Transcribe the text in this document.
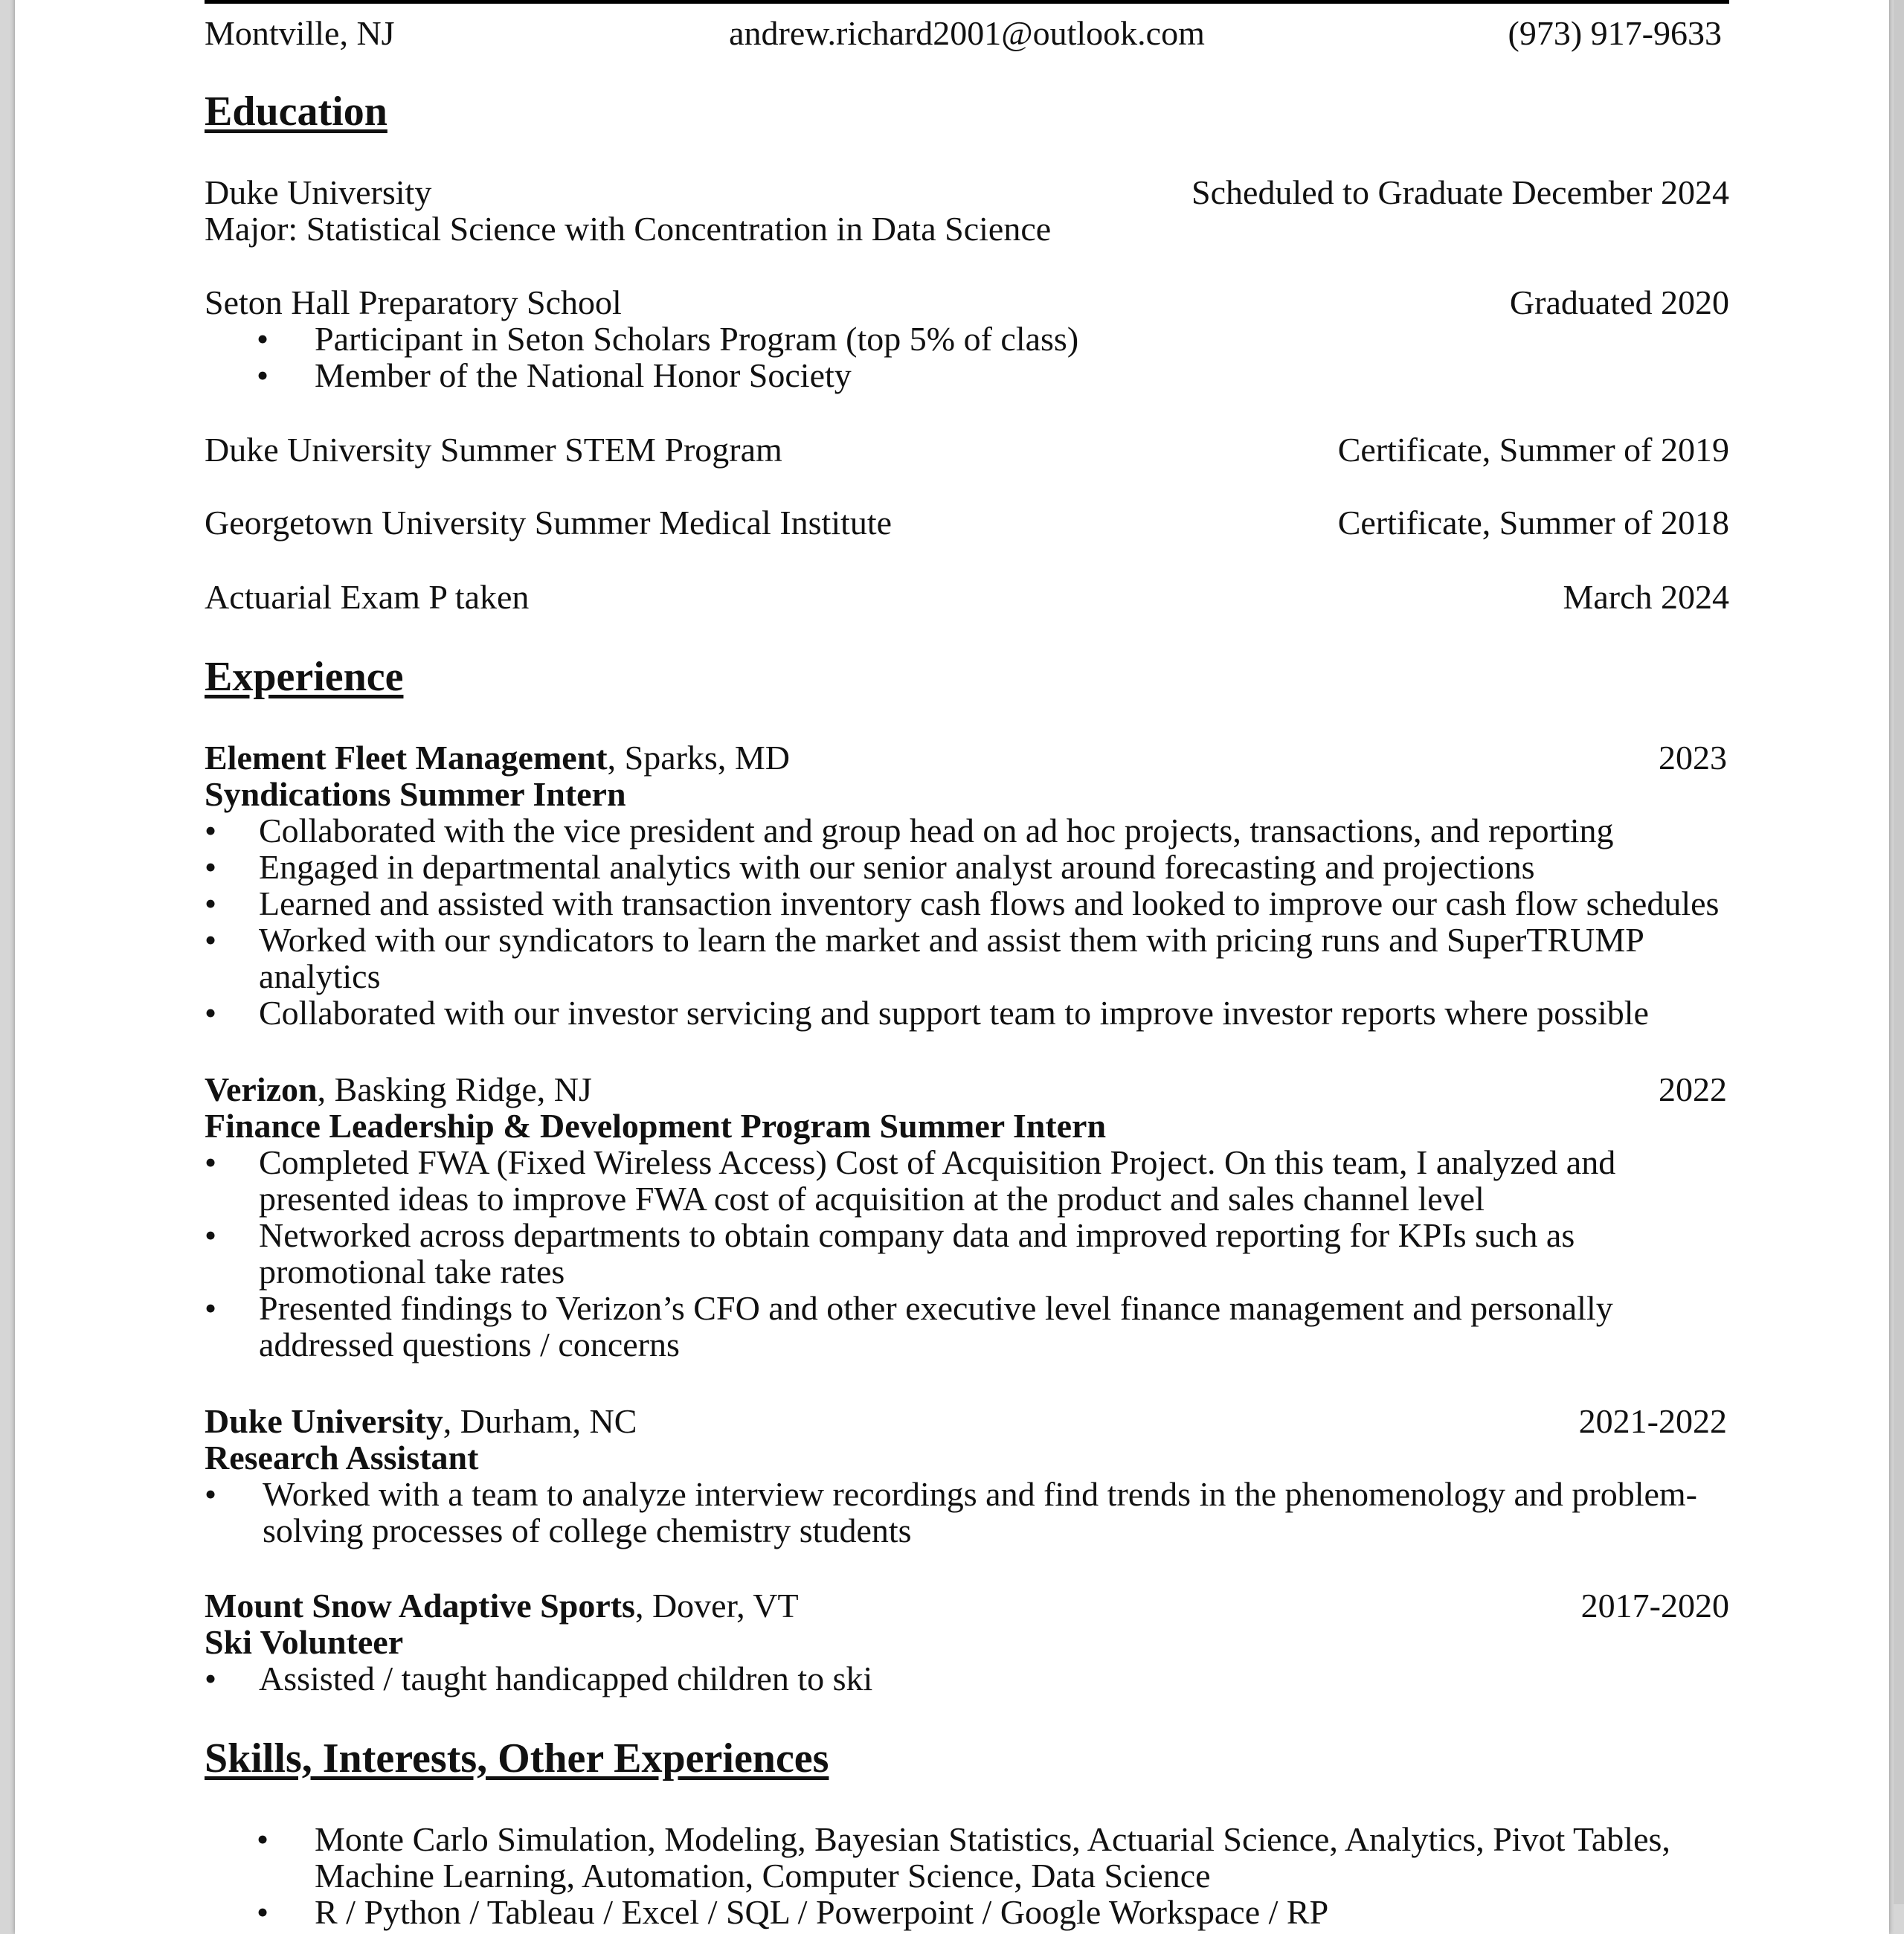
Montville, NJ	andrew.richard2001@outlook.com	(973) 917-9633
Education
Duke University	Scheduled to Graduate December 2024
Major: Statistical Science with Concentration in Data Science
Seton Hall Preparatory School	Graduated 2020
• Participant in Seton Scholars Program (top 5% of class)
• Member of the National Honor Society
Duke University Summer STEM Program	Certificate, Summer of 2019
Georgetown University Summer Medical Institute	Certificate, Summer of 2018
Actuarial Exam P taken	March 2024
Experience
Element Fleet Management, Sparks, MD	2023
Syndications Summer Intern
• Collaborated with the vice president and group head on ad hoc projects, transactions, and reporting
• Engaged in departmental analytics with our senior analyst around forecasting and projections
• Learned and assisted with transaction inventory cash flows and looked to improve our cash flow schedules
• Worked with our syndicators to learn the market and assist them with pricing runs and SuperTRUMP
analytics
• Collaborated with our investor servicing and support team to improve investor reports where possible
Verizon, Basking Ridge, NJ	2022
Finance Leadership & Development Program Summer Intern
• Completed FWA (Fixed Wireless Access) Cost of Acquisition Project. On this team, I analyzed and
presented ideas to improve FWA cost of acquisition at the product and sales channel level
• Networked across departments to obtain company data and improved reporting for KPIs such as
promotional take rates
• Presented findings to Verizon’s CFO and other executive level finance management and personally
addressed questions / concerns
Duke University, Durham, NC	2021-2022
Research Assistant
• Worked with a team to analyze interview recordings and find trends in the phenomenology and problem-
solving processes of college chemistry students
Mount Snow Adaptive Sports, Dover, VT	2017-2020
Ski Volunteer
• Assisted / taught handicapped children to ski
Skills, Interests, Other Experiences
• Monte Carlo Simulation, Modeling, Bayesian Statistics, Actuarial Science, Analytics, Pivot Tables,
Machine Learning, Automation, Computer Science, Data Science
• R / Python / Tableau / Excel / SQL / Powerpoint / Google Workspace / RP
